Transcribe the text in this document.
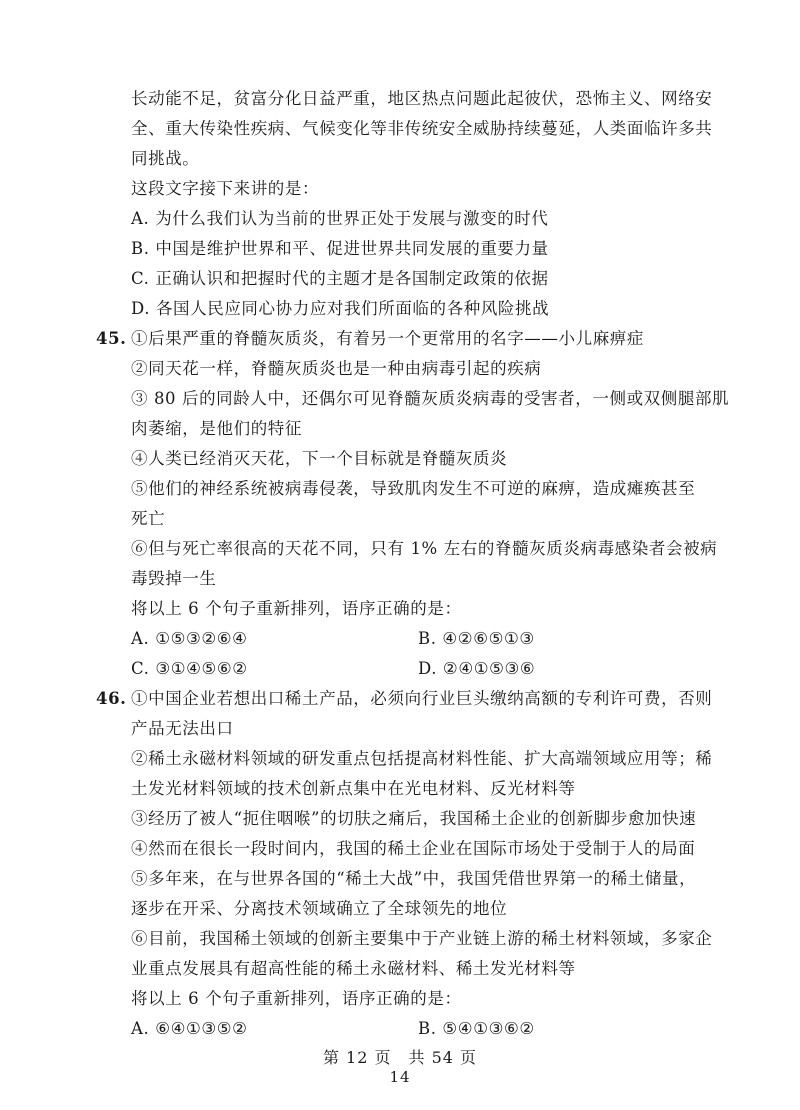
长动能不足，贫富分化日益严重，地区热点问题此起彼伏，恐怖主义、网络安
全、重大传染性疾病、气候变化等非传统安全威胁持续蔓延，人类面临许多共
同挑战。
这段文字接下来讲的是：
A. 为什么我们认为当前的世界正处于发展与激变的时代
B. 中国是维护世界和平、促进世界共同发展的重要力量
C. 正确认识和把握时代的主题才是各国制定政策的依据
D. 各国人民应同心协力应对我们所面临的各种风险挑战
45. ①后果严重的脊髓灰质炎，有着另一个更常用的名字——小儿麻痹症
②同天花一样，脊髓灰质炎也是一种由病毒引起的疾病
③ 80 后的同龄人中，还偶尔可见脊髓灰质炎病毒的受害者，一侧或双侧腿部肌
肉萎缩，是他们的特征
④人类已经消灭天花，下一个目标就是脊髓灰质炎
⑤他们的神经系统被病毒侵袭，导致肌肉发生不可逆的麻痹，造成瘫痪甚至
死亡
⑥但与死亡率很高的天花不同，只有 1% 左右的脊髓灰质炎病毒感染者会被病
毒毁掉一生
将以上 6 个句子重新排列，语序正确的是：
A. ①⑤③②⑥④	B. ④②⑥⑤①③
C. ③①④⑤⑥②	D. ②④①⑤③⑥
46. ①中国企业若想出口稀土产品，必须向行业巨头缴纳高额的专利许可费，否则
产品无法出口
②稀土永磁材料领域的研发重点包括提高材料性能、扩大高端领域应用等；稀
土发光材料领域的技术创新点集中在光电材料、反光材料等
③经历了被人“扼住咽喉”的切肤之痛后，我国稀土企业的创新脚步愈加快速
④然而在很长一段时间内，我国的稀土企业在国际市场处于受制于人的局面
⑤多年来，在与世界各国的“稀土大战”中，我国凭借世界第一的稀土储量，
逐步在开采、分离技术领域确立了全球领先的地位
⑥目前，我国稀土领域的创新主要集中于产业链上游的稀土材料领域，多家企
业重点发展具有超高性能的稀土永磁材料、稀土发光材料等
将以上 6 个句子重新排列，语序正确的是：
A. ⑥④①③⑤②	B. ⑤④①③⑥②
第 12 页　共 54 页
14
